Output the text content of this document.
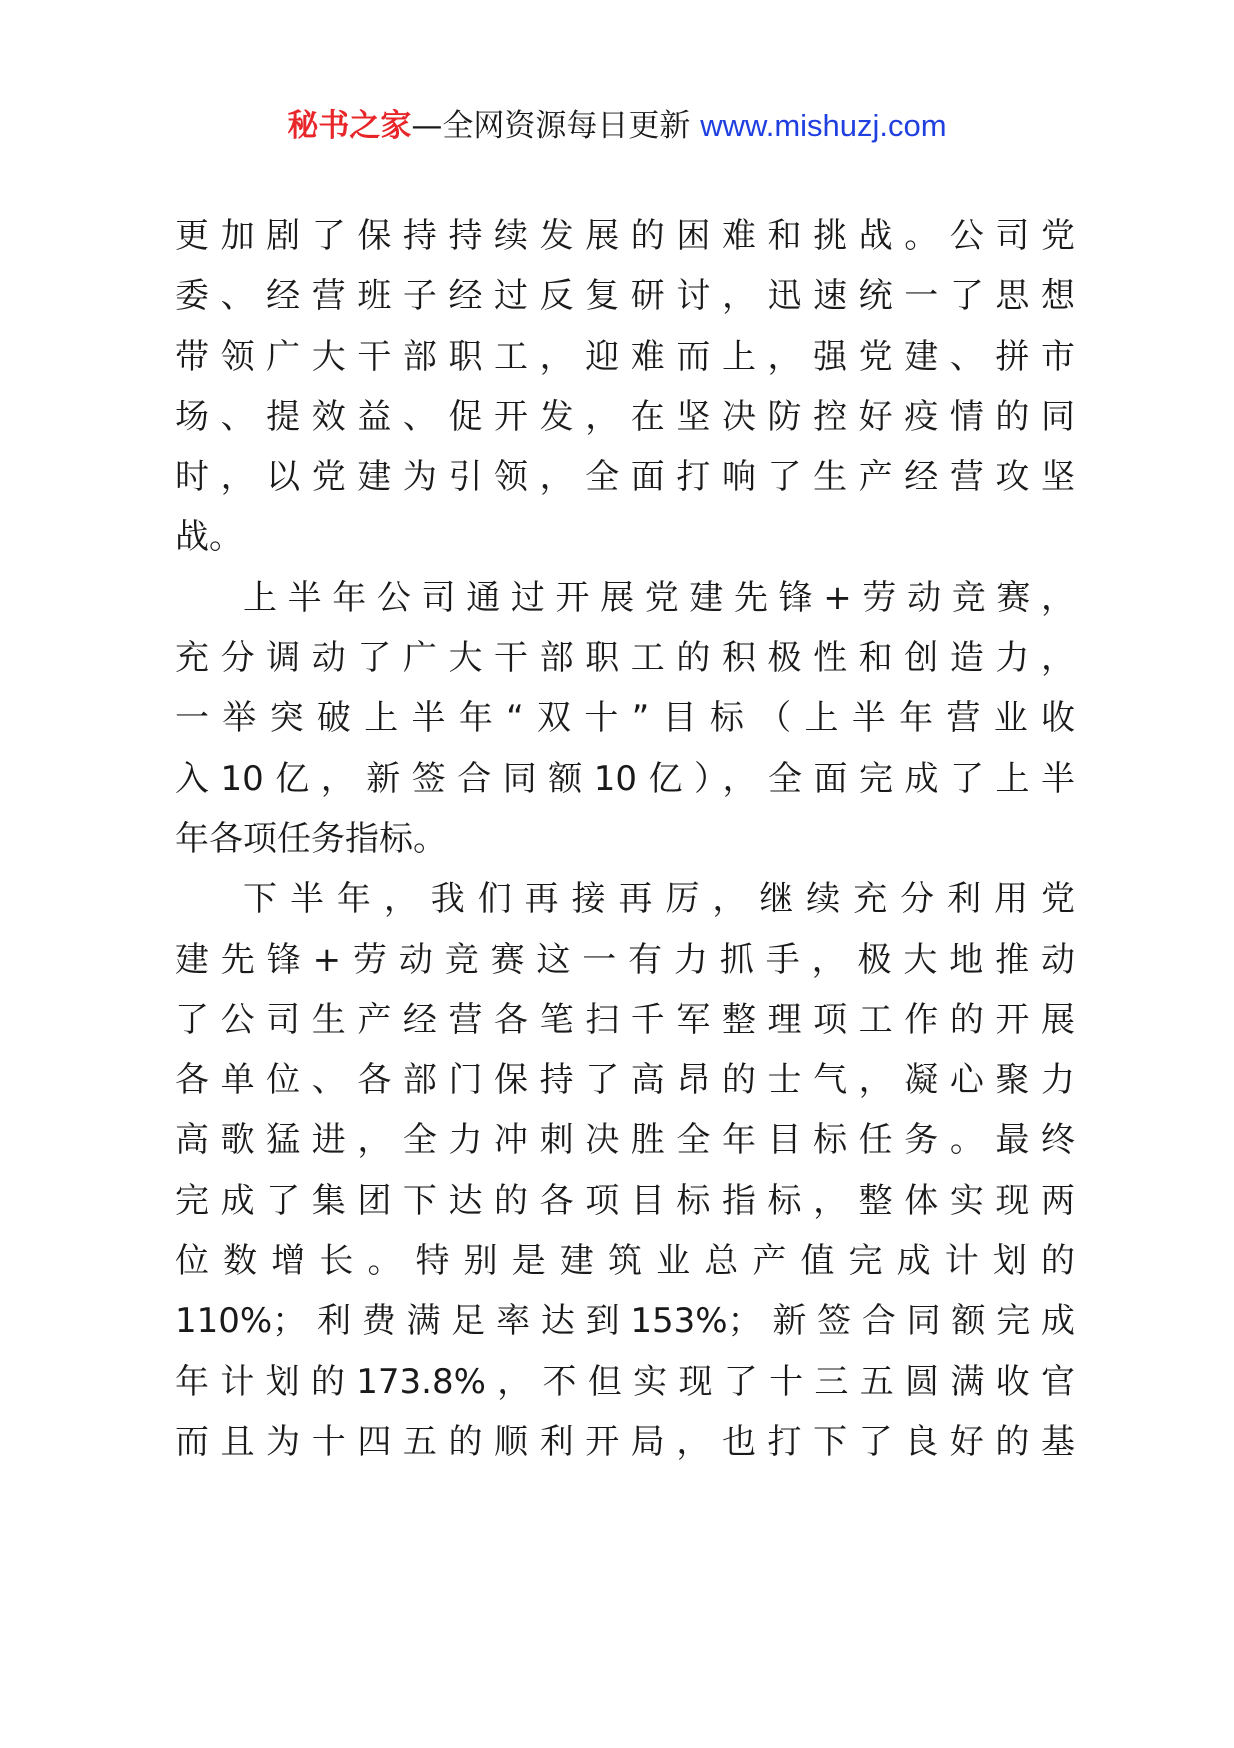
秘书之家—全网资源每日更新 www.mishuzj.com
更加剧了保持持续发展的困难和挑战。公司党
委、经营班子经过反复研讨，迅速统一了思想
带领广大干部职工，迎难而上，强党建、拼市
场、提效益、促开发，在坚决防控好疫情的同
时，以党建为引领，全面打响了生产经营攻坚
战。
上半年公司通过开展党建先锋+劳动竞赛，
充分调动了广大干部职工的积极性和创造力，
一举突破上半年“双十”目标（上半年营业收
入10亿，新签合同额10亿），全面完成了上半
年各项任务指标。
下半年，我们再接再厉，继续充分利用党
建先锋+劳动竞赛这一有力抓手，极大地推动
了公司生产经营各笔扫千军整理项工作的开展
各单位、各部门保持了高昂的士气，凝心聚力
高歌猛进，全力冲刺决胜全年目标任务。最终
完成了集团下达的各项目标指标，整体实现两
位数增长。特别是建筑业总产值完成计划的
110%；利费满足率达到153%；新签合同额完成
年计划的173.8%，不但实现了十三五圆满收官
而且为十四五的顺利开局，也打下了良好的基
